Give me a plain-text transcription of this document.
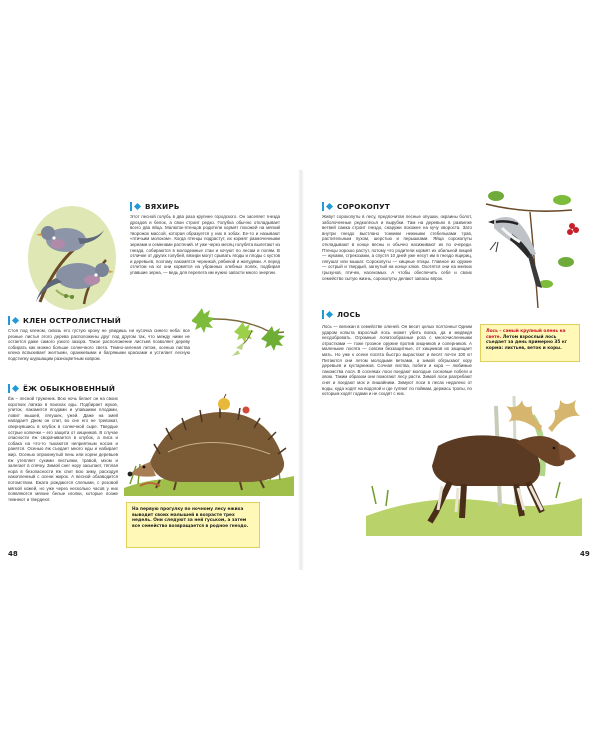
ВЯХИРЬ

Этот лесной голубь в два раза крупнее городского. Он заселяет гнезда дроздов и белок, а свои строит редко. Голубка обычно откладывает всего два яйца. Малюток-птенцов родители кормят похожей на мягкий творожок массой, которая образуется у них в зобах. Ее-то и называют «птичьим молоком». Когда птенцы подрастут, их кормят размоченными зернами и семенами растений. И уже через месяц голубята вылетают из гнезда, собираются в молодежные стаи и кочуют по лесам и полям. В отличие от других голубей, вяхири могут срывать ягоды и плоды с кустов и деревьев, поэтому лакомятся черникой, рябиной и желудями. А перед отлетом на юг они кормятся на убранных хлебных полях, подбирая упавшие зерна, — ведь для перелета им нужно запасти много энергии.

КЛЕН ОСТРОЛИСТНЫЙ

Стоя под кленом, сквозь его густую крону не увидишь ни кусочка синего неба: все резные листья этого дерева расположены друг под другом так, что между ними не остается даже самого узкого зазора. Такое расположение листьев позволяет дереву собирать как можно больше солнечного света. Темно-зеленая летом, осенью листва клена вспыхивает желтыми, оранжевыми и багряными красками и устилает лесную подстилку шуршащим разноцветным ковром.

ЁЖ ОБЫКНОВЕННЫЙ

Ёж – лесной труженик. Всю ночь бегает он на своих коротких лапках в поисках еды. Подбирает жуков, улиток, лакомится ягодами и упавшими плодами, ловит мышей, лягушек, ужей. Даже на змей нападает! Днем он спит, во сне его не тревожат, свернувшись в клубок в солнечной сыре. Твердые острые колючки – его защита от хищников. В случае опасности ёж сворачивается в клубок, а лиса и собака на что-то тыкаются неприятным носом и ранятся. Осенью ёж съедает много еды и набирает жир. Осенью опрокинутый пень или корни деревьев ёж утепляет сухими листьями, травой, мхом и залегает в спячку. Зимой снег нору засыпает, тёплая нора в безопасности ёж спит всю зиму, расходуя накопленный с осени жирок. А весной обзаводится потомством. Ежата рождаются слепыми, с розовой мягкой кожей, но уже через несколько часов у них появляются мягкие белые иголки, которые позже темнеют и твердеют.

На первую прогулку по ночному лесу ежиха выводит своих малышей в возрасте трех недель. Они следуют за ней гуськом, а затем все семейство возвращается в родное гнездо.
48
СОРОКОПУТ

Живут сорокопуты в лесу, предпочитая лесные опушки, окраины болот, заболоченные редколесья и вырубки. Там на деревьях в развилке ветвей самка строит гнездо, снаружи похожее на кучу хвороста. Зато внутри гнездо выстлано тонкими нежными стебельками трав, растительным пухом, шерстью и перышками. Яйца сорокопуты откладывают в конце весны и обычно насиживают их по очереди. Птенцы хорошо растут, потому что родители кормят их обильной пищей — жуками, стрекозами, а спустя 10 дней уже несут им в гнездо ящериц, лягушат или мышат. Сорокопуты — хищные птицы. Главное их оружие — острый и твердый, загнутый на конце клюв. Охотятся они на мелких грызунов, птичек, насекомых. А чтобы обеспечить себя и своих семейство сытую жизнь, сорокопуты делают запасы впрок.

ЛОСЬ

Лось — великан в семействе оленей. Он весит целых полтонны! Одним ударом копыта взрослый лось может убить волка, да и медведя несдобровать. Огромные лопатообразные рога с многочисленными отростками — тоже грозное оружие против хищников и соперников. А маленькие лосята — совсем беззащитные, от хищников их защищает мать. Но уже к осени лосята быстро вырастают и весят почти 100 кг! Питаются они летом молодыми ветками, а зимой обгрызают кору деревьев и кустарников. Сочная листва, побеги и кора — любимые лакомства лося. В сосняках лоси поедают молодые сосновые побеги и хвою. Таким образом они помогают лесу расти. Зимой лоси разгребают снег и поедают мох и лишайники. Зимуют лоси в лесах недалеко от воды, куда ходят на водопой и где гуляют по поймам, держась тропы, по которым ходят годами и не сходят с них.

Лось – самый крупный олень на свете. Летом взрослый лось съедает за день примерно 35 кг корма: листьев, веток и коры.
49
